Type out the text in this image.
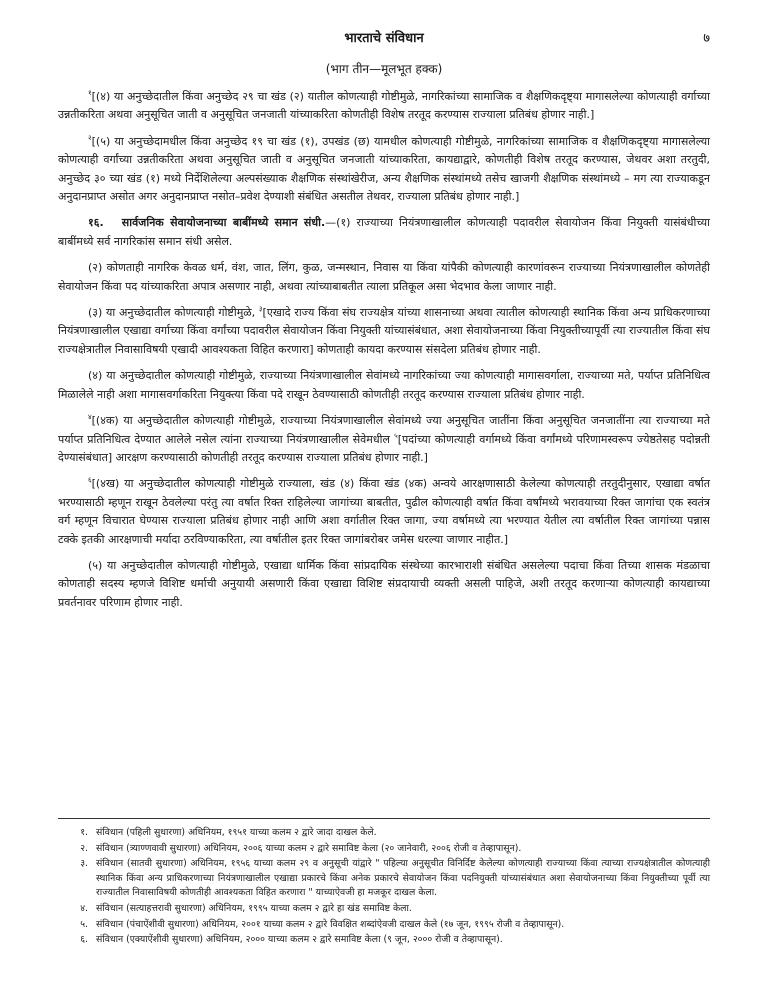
भारताचे संविधान	७
(भाग तीन—मूलभूत हक्क)

$^१$[(४) या अनुच्छेदातील किंवा अनुच्छेद २९ चा खंड (२) यातील कोणत्याही गोष्टीमुळे, नागरिकांच्या सामाजिक व शैक्षणिकदृष्ट्या मागासलेल्या कोणत्याही वर्गाच्या उन्नतीकरिता अथवा अनुसूचित जाती व अनुसूचित जनजाती यांच्याकरिता कोणतीही विशेष तरतूद करण्यास राज्याला प्रतिबंध होणार नाही.]

$^२$[(५) या अनुच्छेदामधील किंवा अनुच्छेद १९ चा खंड (१), उपखंड (छ) यामधील कोणत्याही गोष्टीमुळे, नागरिकांच्या सामाजिक व शैक्षणिकदृष्ट्या मागासलेल्या कोणत्याही वर्गांच्या उन्नतीकरिता अथवा अनुसूचित जाती व अनुसूचित जनजाती यांच्याकरिता, कायद्याद्वारे, कोणतीही विशेष तरतूद करण्यास, जेथवर अशा तरतुदी, अनुच्छेद ३० च्या खंड (१) मध्ये निर्देशिलेल्या अल्पसंख्याक शैक्षणिक संस्थांखेरीज, अन्य शैक्षणिक संस्थांमध्ये तसेच खाजगी शैक्षणिक संस्थांमध्ये – मग त्या राज्याकडून अनुदानप्राप्त असोत अगर अनुदानप्राप्त नसोत–प्रवेश देण्याशी संबंधित असतील तेथवर, राज्याला प्रतिबंध होणार नाही.]

१६. सार्वजनिक सेवायोजनाच्या बाबींमध्ये समान संधी.—(१) राज्याच्या नियंत्रणाखालील कोणत्याही पदावरील सेवायोजन किंवा नियुक्ती यासंबंधीच्या बाबींमध्ये सर्व नागरिकांस समान संधी असेल.

(२) कोणताही नागरिक केवळ धर्म, वंश, जात, लिंग, कुळ, जन्मस्थान, निवास या किंवा यांपैकी कोणत्याही कारणांवरून राज्याच्या नियंत्रणाखालील कोणतेही सेवायोजन किंवा पद यांच्याकरिता अपात्र असणार नाही, अथवा त्यांच्याबाबतीत त्याला प्रतिकूल असा भेदभाव केला जाणार नाही.

(३) या अनुच्छेदातील कोणत्याही गोष्टीमुळे, $^३$[एखादे राज्य किंवा संघ राज्यक्षेत्र यांच्या शासनाच्या अथवा त्यातील कोणत्याही स्थानिक किंवा अन्य प्राधिकरणाच्या नियंत्रणाखालील एखाद्या वर्गाच्या किंवा वर्गांच्या पदावरील सेवायोजन किंवा नियुक्ती यांच्यासंबंधात, अशा सेवायोजनाच्या किंवा नियुक्तीच्यापूर्वी त्या राज्यातील किंवा संघ राज्यक्षेत्रातील निवासाविषयी एखादी आवश्यकता विहित करणारा] कोणताही कायदा करण्यास संसदेला प्रतिबंध होणार नाही.

(४) या अनुच्छेदातील कोणत्याही गोष्टीमुळे, राज्याच्या नियंत्रणाखालील सेवांमध्ये नागरिकांच्या ज्या कोणत्याही मागासवर्गाला, राज्याच्या मते, पर्याप्त प्रतिनिधित्व मिळालेले नाही अशा मागासवर्गाकरिता नियुक्त्या किंवा पदे राखून ठेवण्यासाठी कोणतीही तरतूद करण्यास राज्याला प्रतिबंध होणार नाही.

$^४$[(४क) या अनुच्छेदातील कोणत्याही गोष्टीमुळे, राज्याच्या नियंत्रणाखालील सेवांमध्ये ज्या अनुसूचित जातींना किंवा अनुसूचित जनजातींना त्या राज्याच्या मते पर्याप्त प्रतिनिधित्व देण्यात आलेले नसेल त्यांना राज्याच्या नियंत्रणाखालील सेवेमधील $^५$[पदांच्या कोणत्याही वर्गामध्ये किंवा वर्गांमध्ये परिणामस्वरूप ज्येष्ठतेसह पदोन्नती देण्यासंबंधात] आरक्षण करण्यासाठी कोणतीही तरतूद करण्यास राज्याला प्रतिबंध होणार नाही.]

$^६$[(४ख) या अनुच्छेदातील कोणत्याही गोष्टीमुळे राज्याला, खंड (४) किंवा खंड (४क) अन्वये आरक्षणासाठी केलेल्या कोणत्याही तरतुदीनुसार, एखाद्या वर्षात भरण्यासाठी म्हणून राखून ठेवलेल्या परंतु त्या वर्षात रिक्त राहिलेल्या जागांच्या बाबतीत, पुढील कोणत्याही वर्षात किंवा वर्षांमध्ये भरावयाच्या रिक्त जागांचा एक स्वतंत्र वर्ग म्हणून विचारात घेण्यास राज्याला प्रतिबंध होणार नाही आणि अशा वर्गातील रिक्त जागा, ज्या वर्षामध्ये त्या भरण्यात येतील त्या वर्षातील रिक्त जागांच्या पन्नास टक्के इतकी आरक्षणाची मर्यादा ठरविण्याकरिता, त्या वर्षातील इतर रिक्त जागांबरोबर जमेस धरल्या जाणार नाहीत.]

(५) या अनुच्छेदातील कोणत्याही गोष्टीमुळे, एखाद्या धार्मिक किंवा सांप्रदायिक संस्थेच्या कारभाराशी संबंधित असलेल्या पदाचा किंवा तिच्या शासक मंडळाचा कोणताही सदस्य म्हणजे विशिष्ट धर्माची अनुयायी असणारी किंवा एखाद्या विशिष्ट संप्रदायाची व्यक्ती असली पाहिजे, अशी तरतूद करणाऱ्या कोणत्याही कायद्याच्या प्रवर्तनावर परिणाम होणार नाही.

१. संविधान (पहिली सुधारणा) अधिनियम, १९५१ याच्या कलम २ द्वारे जादा दाखल केले.
२. संविधान (त्र्याण्णवावी सुधारणा) अधिनियम, २००६ याच्या कलम २ द्वारे समाविष्ट केला (२० जानेवारी, २००६ रोजी व तेव्हापासून).
३. संविधान (सातवी सुधारणा) अधिनियम, १९५६ याच्या कलम २९ व अनुसूची यांद्वारे " पहिल्या अनुसूचीत विनिर्दिष्ट केलेल्या कोणत्याही राज्याच्या किंवा त्याच्या राज्यक्षेत्रातील कोणत्याही स्थानिक किंवा अन्य प्राधिकरणाच्या नियंत्रणाखालील एखाद्या प्रकारचे किंवा अनेक प्रकारचे सेवायोजन किंवा पदनियुक्ती यांच्यासंबंधात अशा सेवायोजनाच्या किंवा नियुक्तीच्या पूर्वी त्या राज्यातील निवासाविषयी कोणतीही आवश्यकता विहित करणारा " याच्याऐवजी हा मजकूर दाखल केला.
४. संविधान (सत्याहत्तरावी सुधारणा) अधिनियम, १९९५ याच्या कलम २ द्वारे हा खंड समाविष्ट केला.
५. संविधान (पंचाऐंशीवी सुधारणा) अधिनियम, २००१ याच्या कलम २ द्वारे विवक्षित शब्दांऐवजी दाखल केले (१७ जून, १९९५ रोजी व तेव्हापासून).
६. संविधान (एक्याऐंशीवी सुधारणा) अधिनियम, २००० याच्या कलम २ द्वारे समाविष्ट केला (९ जून, २००० रोजी व तेव्हापासून).
